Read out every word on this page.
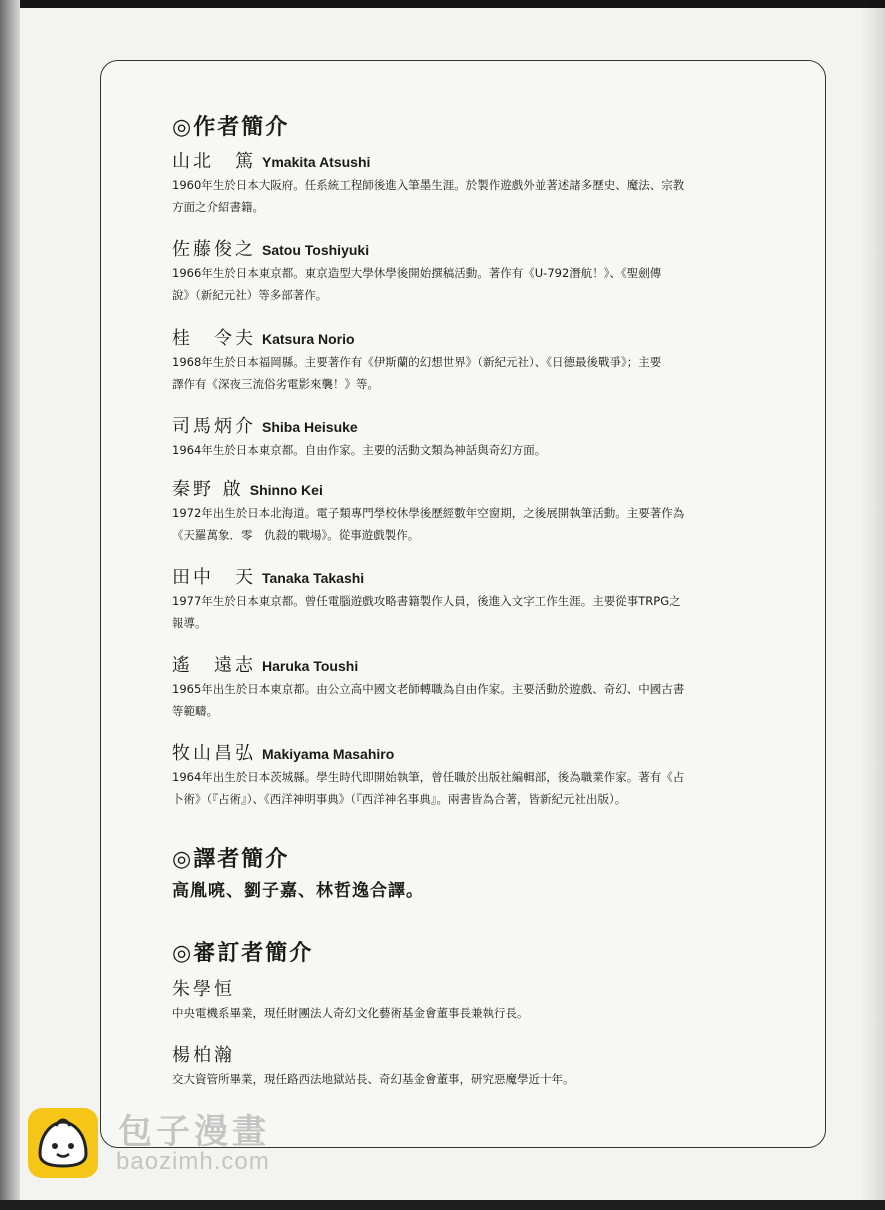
◎作者簡介
山北　篤 Ymakita Atsushi

1960年生於日本大阪府。任系統工程師後進入筆墨生涯。於製作遊戲外並著述諸多歷史、魔法、宗教
方面之介紹書籍。

佐藤俊之 Satou Toshiyuki

1966年生於日本東京都。東京造型大學休學後開始撰稿活動。著作有《U-792潛航！》、《聖劍傳
說》（新紀元社）等多部著作。

桂　令夫 Katsura Norio

1968年生於日本福岡縣。主要著作有《伊斯蘭的幻想世界》（新紀元社）、《日德最後戰爭》；主要
譯作有《深夜三流俗劣電影來襲！》等。

司馬炳介 Shiba Heisuke

1964年生於日本東京都。自由作家。主要的活動文類為神話與奇幻方面。

秦野 啟 Shinno Kei

1972年出生於日本北海道。電子類專門學校休學後歷經數年空窗期，之後展開執筆活動。主要著作為
《天羅萬象．零　仇殺的戰場》。從事遊戲製作。

田中　天 Tanaka Takashi

1977年生於日本東京都。曾任電腦遊戲攻略書籍製作人員，後進入文字工作生涯。主要從事TRPG之
報導。

遙　遠志 Haruka Toushi

1965年出生於日本東京都。由公立高中國文老師轉職為自由作家。主要活動於遊戲、奇幻、中國古書
等範疇。

牧山昌弘 Makiyama Masahiro

1964年出生於日本茨城縣。學生時代即開始執筆，曾任職於出版社編輯部，後為職業作家。著有《占
卜術》（『占術』）、《西洋神明事典》（『西洋神名事典』。兩書皆為合著，皆新紀元社出版）。

◎譯者簡介

高胤喨、劉子嘉、林哲逸合譯。

◎審訂者簡介
朱學恒

中央電機系畢業，現任財團法人奇幻文化藝術基金會董事長兼執行長。

楊柏瀚

交大資管所畢業，現任路西法地獄站長、奇幻基金會董事，研究惡魔學近十年。

包子漫畫
baozimh.com
